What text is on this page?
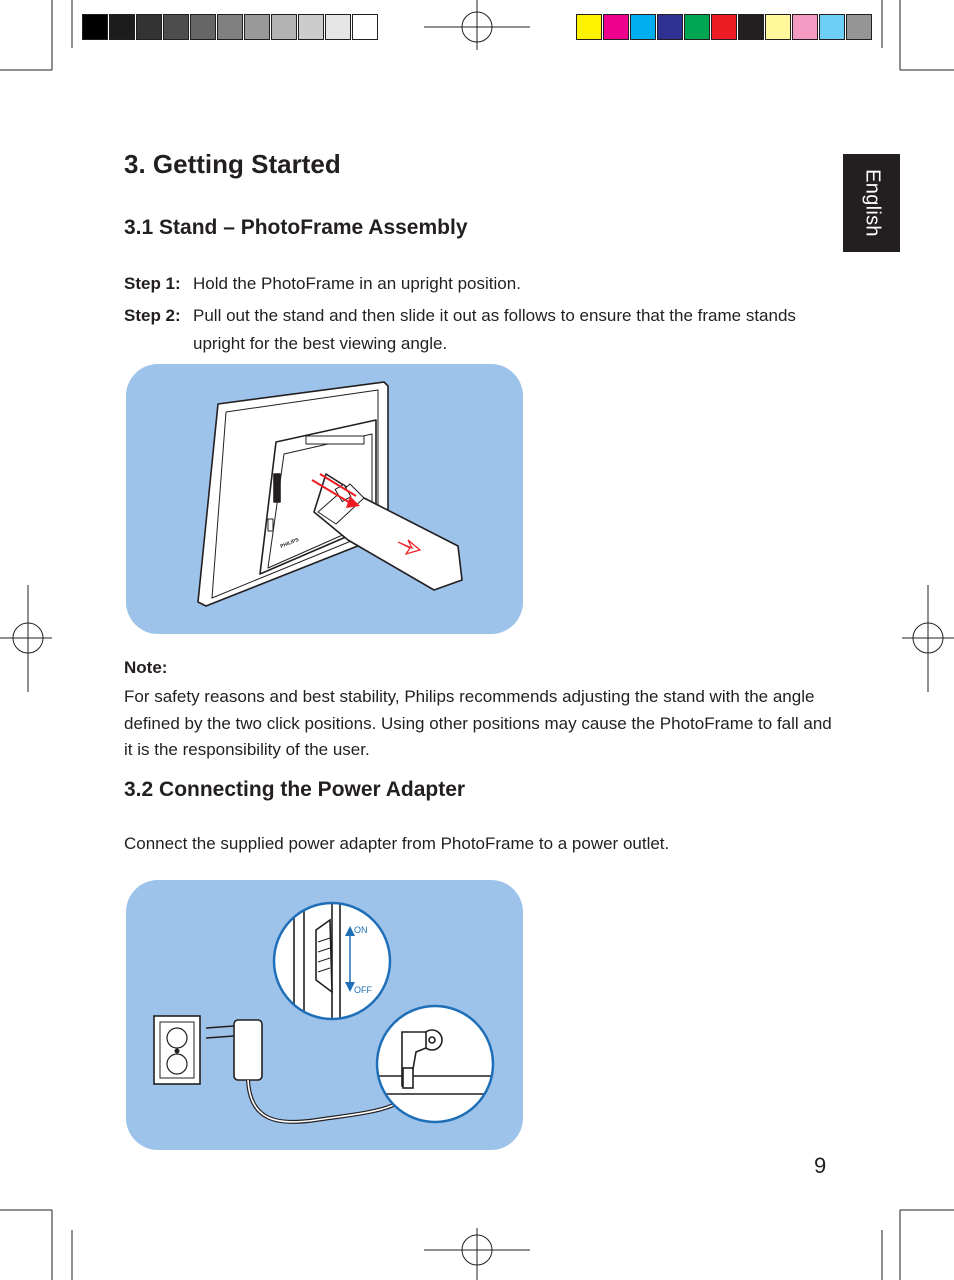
English
3. Getting Started
3.1 Stand – PhotoFrame Assembly
Step 1: Hold the PhotoFrame in an upright position.
Step 2: Pull out the stand and then slide it out as follows to ensure that the frame stands upright for the best viewing angle.
PHILIPS
Note:
For safety reasons and best stability, Philips recommends adjusting the stand with the angle defined by the two click positions. Using other positions may cause the PhotoFrame to fall and it is the responsibility of the user.
3.2 Connecting the Power Adapter
Connect the supplied power adapter from PhotoFrame to a power outlet.
ON
OFF
9
